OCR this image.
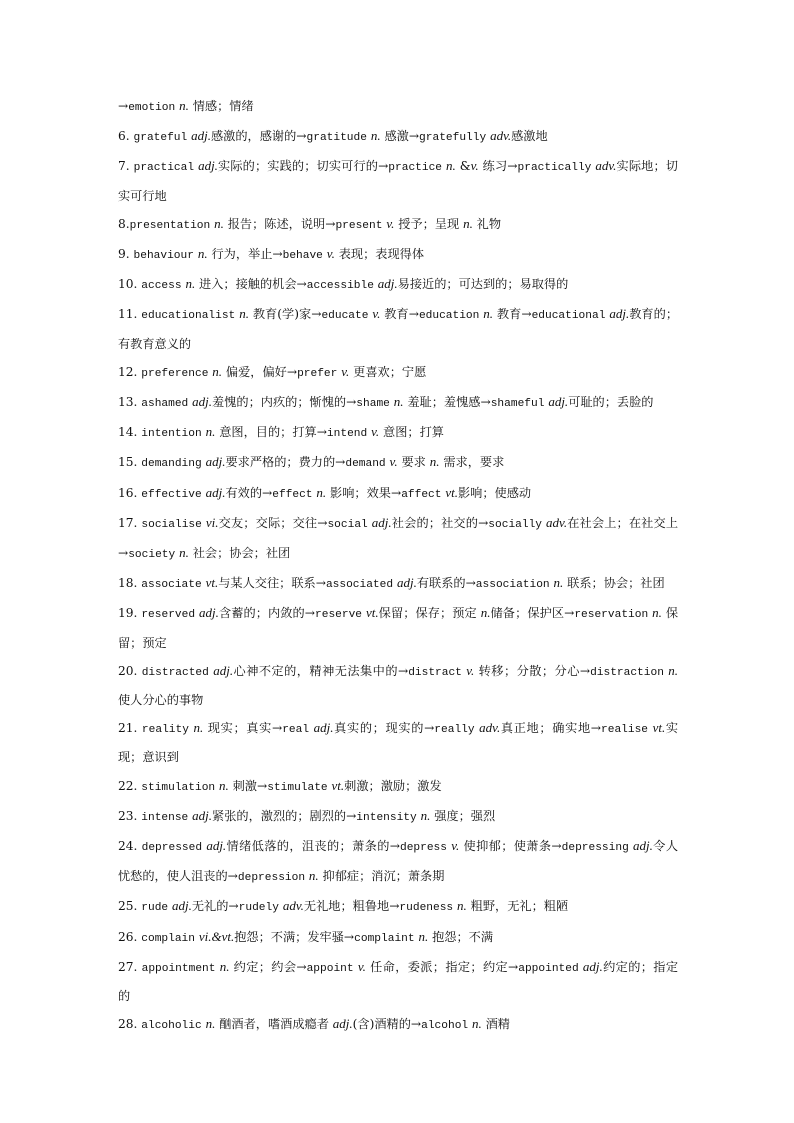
→emotion n. 情感；情绪

6. grateful adj.感激的，感谢的→gratitude n. 感激→gratefully adv.感激地

7. practical adj.实际的；实践的；切实可行的→practice n. &v. 练习→practically adv.实际地；切实可行地

8.presentation n. 报告；陈述，说明→present v. 授予；呈现 n. 礼物

9. behaviour n. 行为，举止→behave v. 表现；表现得体

10. access n. 进入；接触的机会→accessible adj.易接近的；可达到的；易取得的

11. educationalist n. 教育(学)家→educate v. 教育→education n. 教育→educational adj.教育的；有教育意义的

12. preference n. 偏爱，偏好→prefer v. 更喜欢；宁愿

13. ashamed adj.羞愧的；内疚的；惭愧的→shame n. 羞耻；羞愧感→shameful adj.可耻的；丢脸的

14. intention n. 意图，目的；打算→intend v. 意图；打算

15. demanding adj.要求严格的；费力的→demand v. 要求 n. 需求，要求

16. effective adj.有效的→effect n. 影响；效果→affect vt.影响；使感动

17. socialise vi.交友；交际；交往→social adj.社会的；社交的→socially adv.在社会上；在社交上→society n. 社会；协会；社团

18. associate vt.与某人交往；联系→associated adj.有联系的→association n. 联系；协会；社团

19. reserved adj.含蓄的；内敛的→reserve vt.保留；保存；预定 n.储备；保护区→reservation n. 保留；预定

20. distracted adj.心神不定的，精神无法集中的→distract v. 转移；分散；分心→distraction n. 使人分心的事物

21. reality n. 现实；真实→real adj.真实的；现实的→really adv.真正地；确实地→realise vt.实现；意识到

22. stimulation n. 刺激→stimulate vt.刺激；激励；激发

23. intense adj.紧张的，激烈的；剧烈的→intensity n. 强度；强烈

24. depressed adj.情绪低落的，沮丧的；萧条的→depress v. 使抑郁；使萧条→depressing adj.令人忧愁的，使人沮丧的→depression n. 抑郁症；消沉；萧条期

25. rude adj.无礼的→rudely adv.无礼地；粗鲁地→rudeness n. 粗野，无礼；粗陋

26. complain vi.&vt.抱怨；不满；发牢骚→complaint n. 抱怨；不满

27. appointment n. 约定；约会→appoint v. 任命，委派；指定；约定→appointed adj.约定的；指定的

28. alcoholic n. 酗酒者，嗜酒成瘾者 adj.(含)酒精的→alcohol n. 酒精
